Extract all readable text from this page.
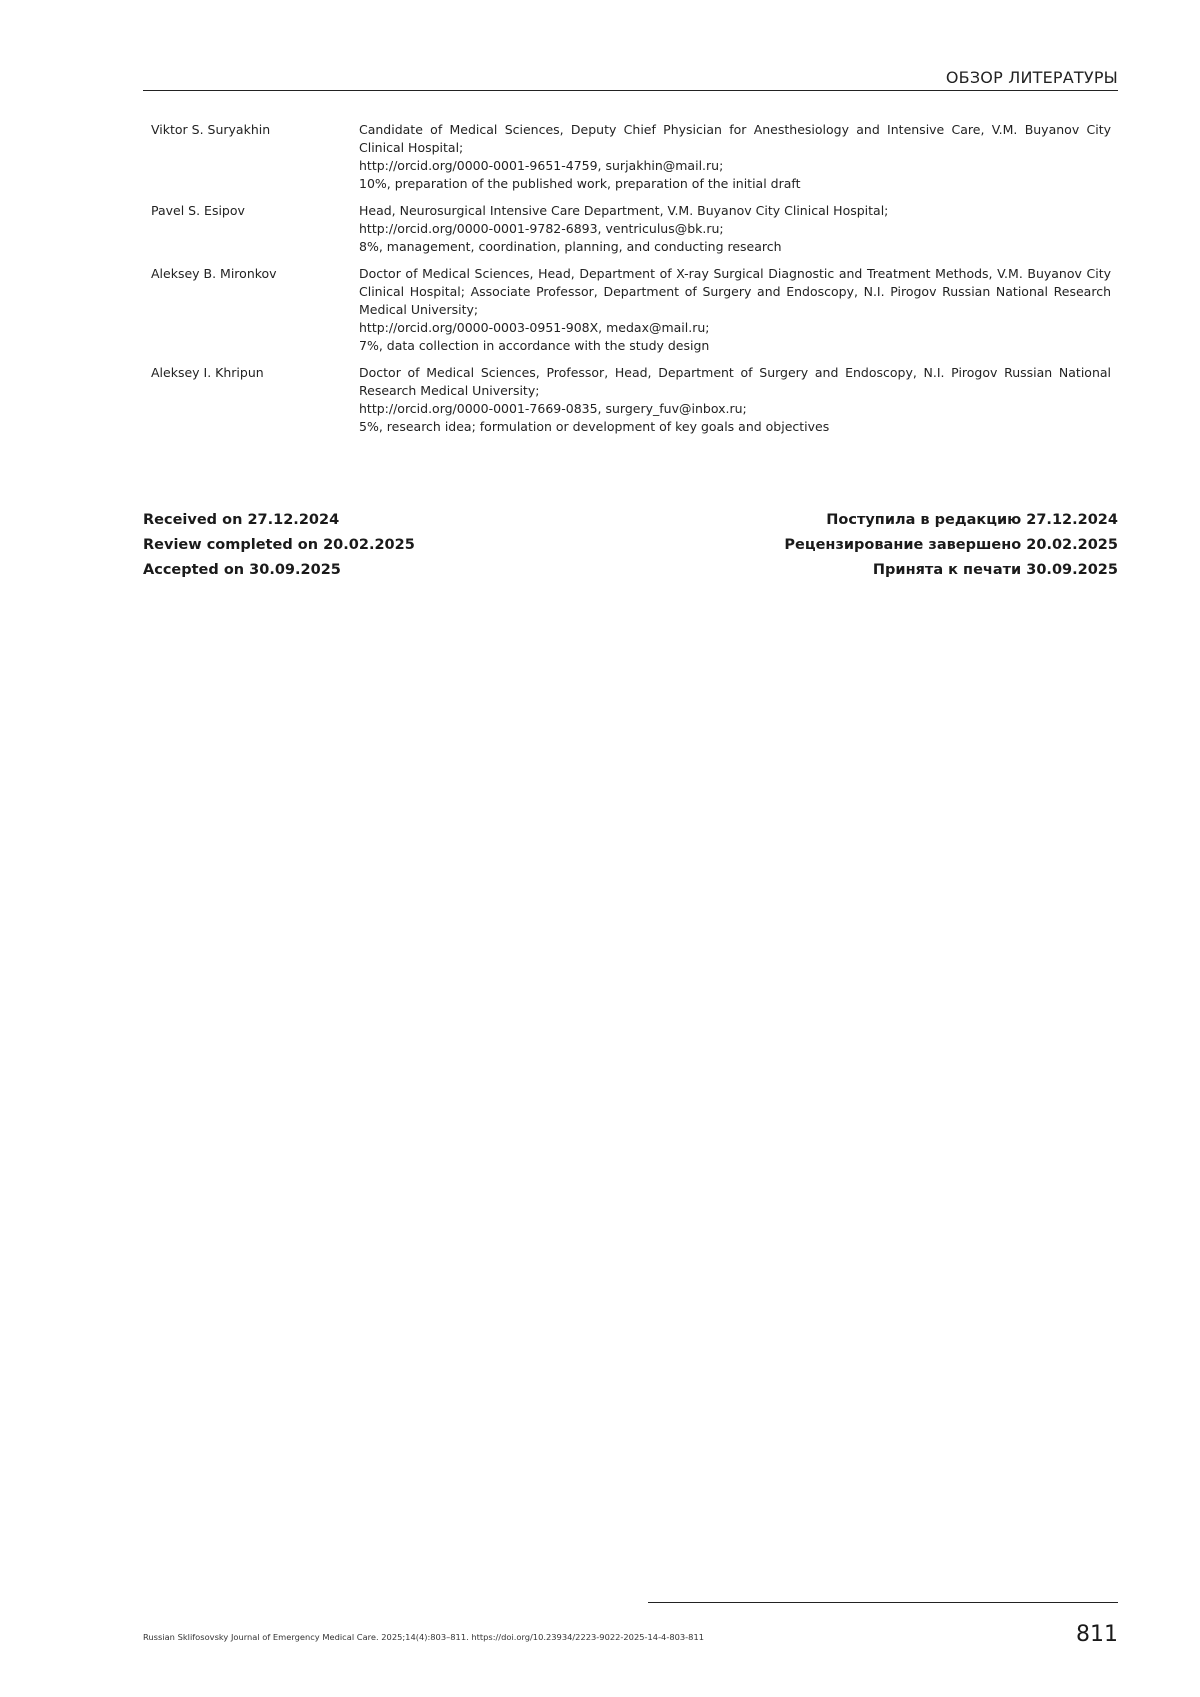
ОБЗОР ЛИТЕРАТУРЫ
Viktor S. Suryakhin	Candidate of Medical Sciences, Deputy Chief Physician for Anesthesiology and Intensive Care, V.M. Buyanov City Clinical Hospital;
http://orcid.org/0000-0001-9651-4759, surjakhin@mail.ru;
10%, preparation of the published work, preparation of the initial draft
Pavel S. Esipov	Head, Neurosurgical Intensive Care Department, V.M. Buyanov City Clinical Hospital;
http://orcid.org/0000-0001-9782-6893, ventriculus@bk.ru;
8%, management, coordination, planning, and conducting research
Aleksey B. Mironkov	Doctor of Medical Sciences, Head, Department of X-ray Surgical Diagnostic and Treatment Methods, V.M. Buyanov City Clinical Hospital; Associate Professor, Department of Surgery and Endoscopy, N.I. Pirogov Russian National Research Medical University;
http://orcid.org/0000-0003-0951-908X, medax@mail.ru;
7%, data collection in accordance with the study design
Aleksey I. Khripun	Doctor of Medical Sciences, Professor, Head, Department of Surgery and Endoscopy, N.I. Pirogov Russian National Research Medical University;
http://orcid.org/0000-0001-7669-0835, surgery_fuv@inbox.ru;
5%, research idea; formulation or development of key goals and objectives
Received on 27.12.2024
Review completed on 20.02.2025
Accepted on 30.09.2025
Поступила в редакцию 27.12.2024
Рецензирование завершено 20.02.2025
Принята к печати 30.09.2025
Russian Sklifosovsky Journal of Emergency Medical Care. 2025;14(4):803–811. https://doi.org/10.23934/2223-9022-2025-14-4-803-811	811
